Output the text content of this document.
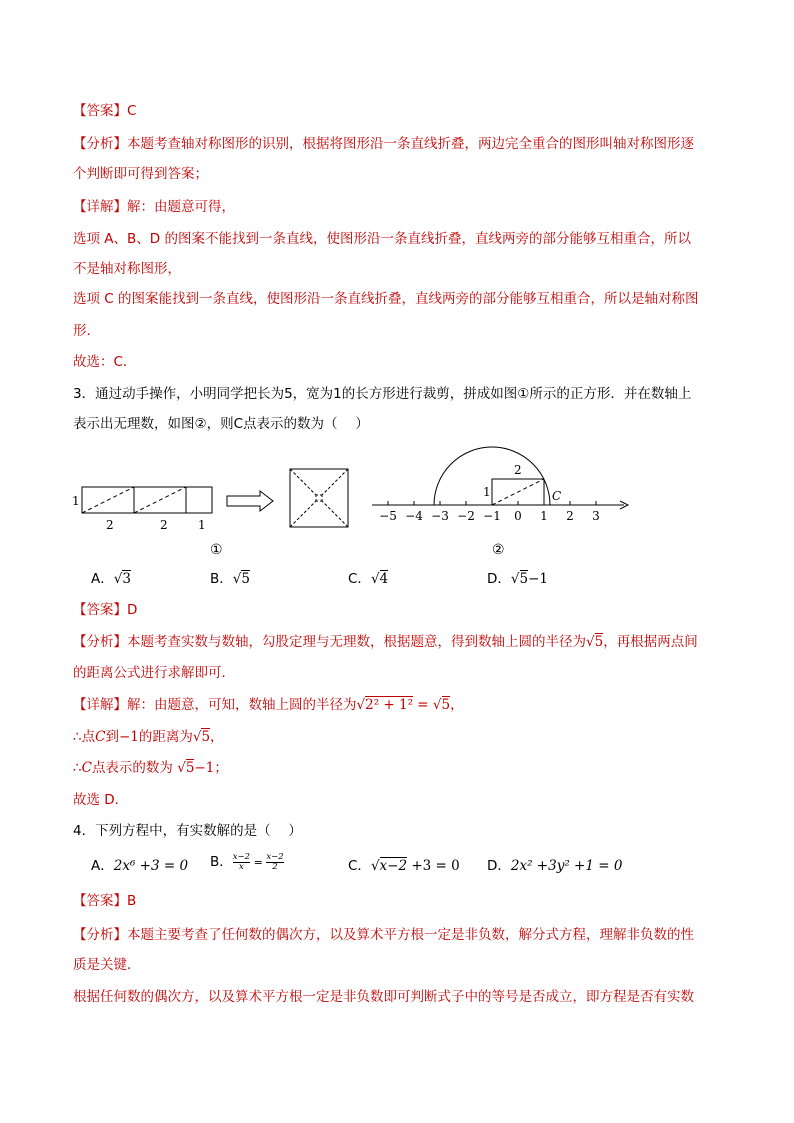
【答案】C
【分析】本题考查轴对称图形的识别，根据将图形沿一条直线折叠，两边完全重合的图形叫轴对称图形逐
个判断即可得到答案；
【详解】解：由题意可得，
选项 A、B、D 的图案不能找到一条直线，使图形沿一条直线折叠，直线两旁的部分能够互相重合，所以
不是轴对称图形，
选项 C 的图案能找到一条直线，使图形沿一条直线折叠，直线两旁的部分能够互相重合，所以是轴对称图
形．
故选：C．
3．通过动手操作，小明同学把长为5，宽为1的长方形进行裁剪，拼成如图①所示的正方形．并在数轴上
表示出无理数，如图②，则C点表示的数为（　 ）
1
2	2	1
①
−5 −4 −3 −2 −1 0 1 2 3
1
2
C
②
A．√3	B．√5	C．√4	D．√5−1
【答案】D
【分析】本题考查实数与数轴，勾股定理与无理数，根据题意，得到数轴上圆的半径为√5，再根据两点间
的距离公式进行求解即可．
【详解】解：由题意，可知，数轴上圆的半径为√2² + 1² = √5，
∴点C到−1的距离为√5，
∴C点表示的数为 √5−1；
故选 D．
4．下列方程中，有实数解的是（　 ）
A．2x⁶ +3 = 0 B． $\frac{x-2}{x} = \frac{x-2}{2}$	C．√x−2 +3 = 0 D．2x² +3y² +1 = 0
【答案】B
【分析】本题主要考查了任何数的偶次方，以及算术平方根一定是非负数，解分式方程，理解非负数的性
质是关键．
根据任何数的偶次方，以及算术平方根一定是非负数即可判断式子中的等号是否成立，即方程是否有实数
